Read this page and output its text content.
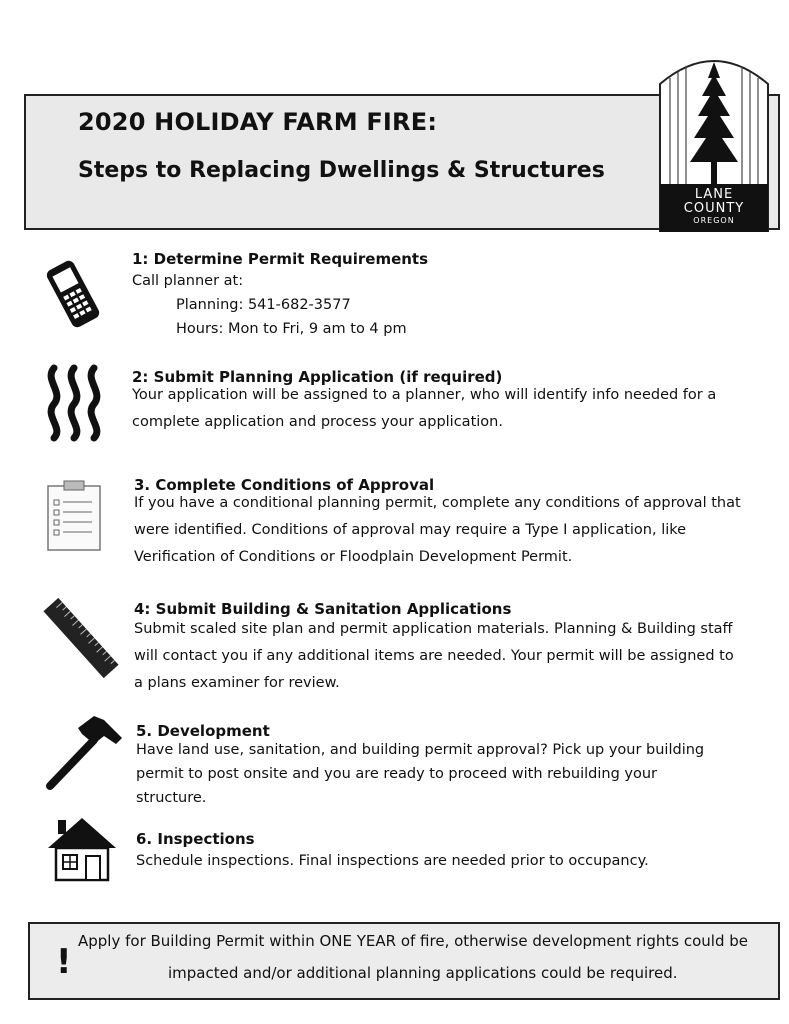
2020 HOLIDAY FARM FIRE:
Steps to Replacing Dwellings & Structures
LANE
COUNTY
OREGON
1: Determine Permit Requirements
Call planner at:
Planning: 541-682-3577
Hours: Mon to Fri, 9 am to 4 pm
2: Submit Planning Application (if required)
Your application will be assigned to a planner, who will identify info needed for a
complete application and process your application.
3. Complete Conditions of Approval
If you have a conditional planning permit, complete any conditions of approval that
were identified. Conditions of approval may require a Type I application, like
Verification of Conditions or Floodplain Development Permit.
4: Submit Building & Sanitation Applications
Submit scaled site plan and permit application materials. Planning & Building staff
will contact you if any additional items are needed. Your permit will be assigned to
a plans examiner for review.
5. Development
Have land use, sanitation, and building permit approval? Pick up your building
permit to post onsite and you are ready to proceed with rebuilding your
structure.
6. Inspections
Schedule inspections. Final inspections are needed prior to occupancy.
!
Apply for Building Permit within ONE YEAR of fire, otherwise development rights could be
impacted and/or additional planning applications could be required.
